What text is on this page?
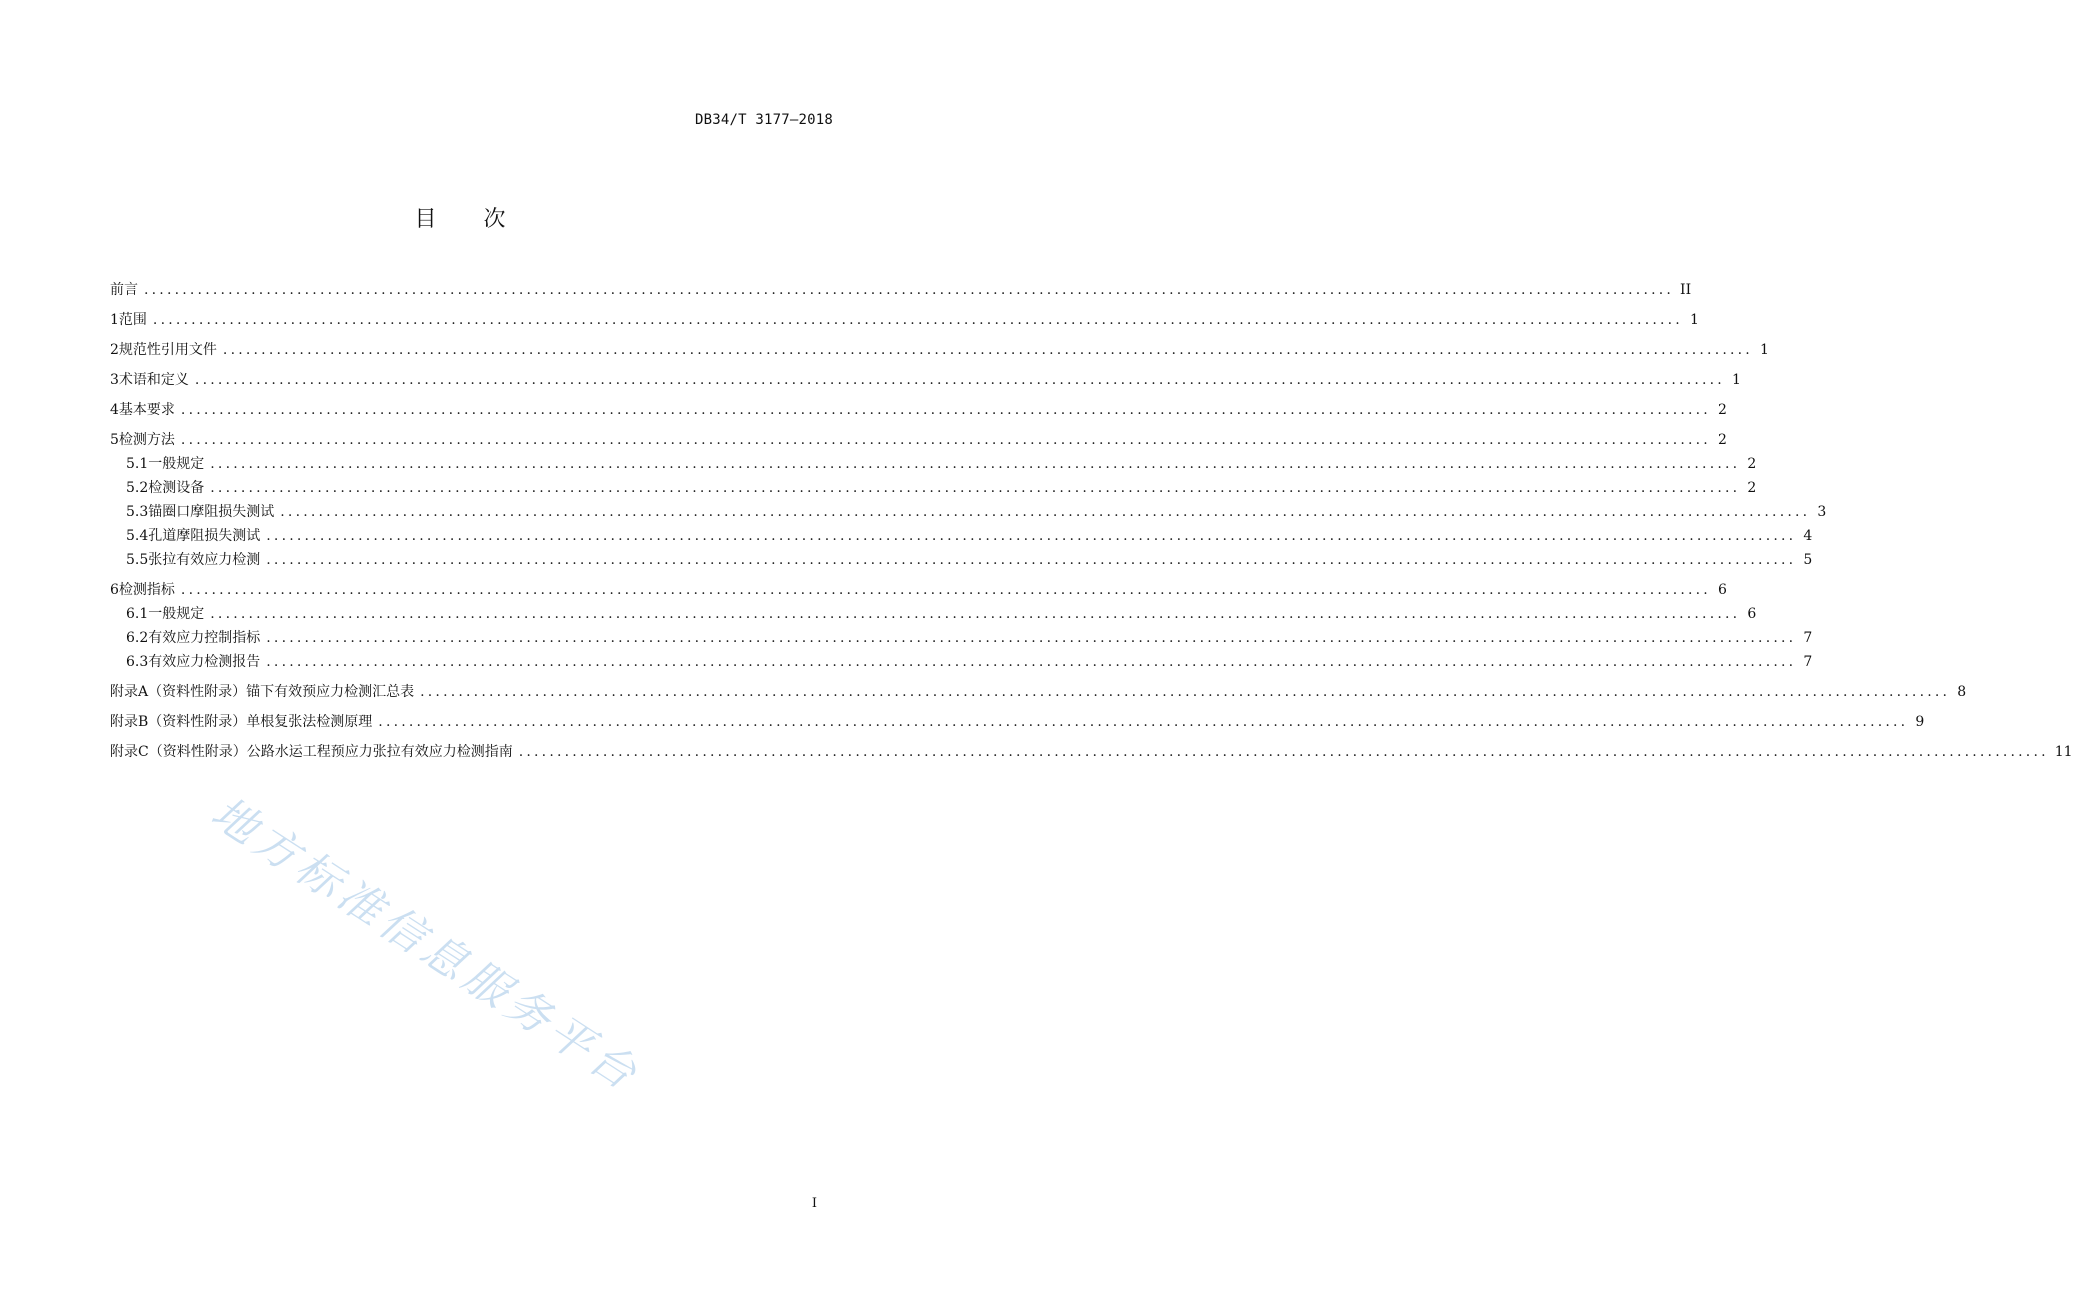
DB34/T 3177—2018
目 次
前言 ........................................................................................................................................................................................................ II
1 范围 ........................................................................................................................................................................................................ 1
2 规范性引用文件 ........................................................................................................................................................................................................ 1
3 术语和定义 ........................................................................................................................................................................................................ 1
4 基本要求 ........................................................................................................................................................................................................ 2
5 检测方法 ........................................................................................................................................................................................................ 2
5.1 一般规定 ........................................................................................................................................................................................................ 2
5.2 检测设备 ........................................................................................................................................................................................................ 2
5.3 锚圈口摩阻损失测试 ........................................................................................................................................................................................................ 3
5.4 孔道摩阻损失测试 ........................................................................................................................................................................................................ 4
5.5 张拉有效应力检测 ........................................................................................................................................................................................................ 5
6 检测指标 ........................................................................................................................................................................................................ 6
6.1 一般规定 ........................................................................................................................................................................................................ 6
6.2 有效应力控制指标 ........................................................................................................................................................................................................ 7
6.3 有效应力检测报告 ........................................................................................................................................................................................................ 7
附录A（资料性附录） 锚下有效预应力检测汇总表 ........................................................................................................................................................................................................ 8
附录B（资料性附录） 单根复张法检测原理 ........................................................................................................................................................................................................ 9
附录C（资料性附录） 公路水运工程预应力张拉有效应力检测指南 ........................................................................................................................................................................................................ 11
I
地方标准信息服务平台
